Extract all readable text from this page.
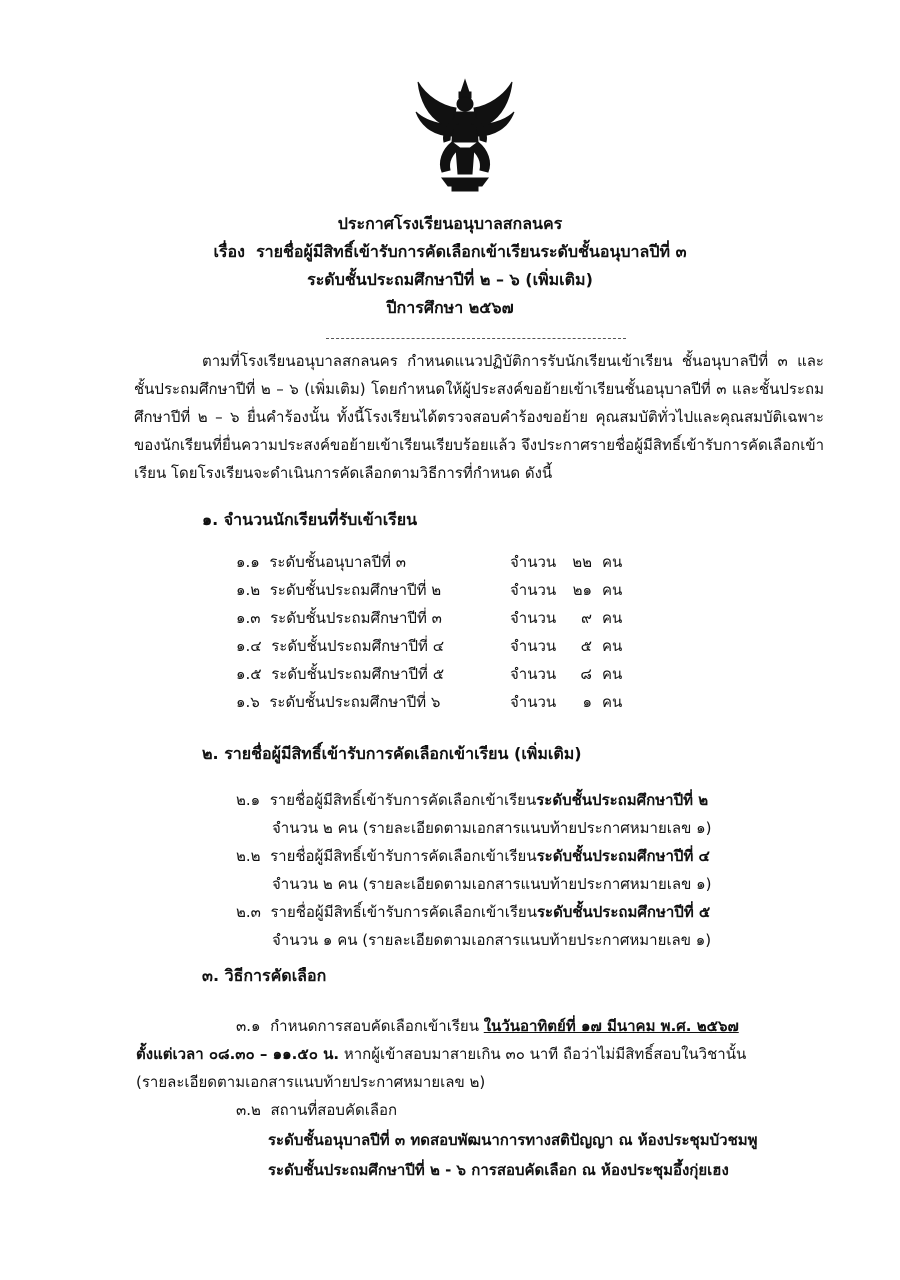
ประกาศโรงเรียนอนุบาลสกลนคร
เรื่อง รายชื่อผู้มีสิทธิ์เข้ารับการคัดเลือกเข้าเรียนระดับชั้นอนุบาลปีที่ ๓
ระดับชั้นประถมศึกษาปีที่ ๒ – ๖ (เพิ่มเติม)
ปีการศึกษา ๒๕๖๗
ตามที่โรงเรียนอนุบาลสกลนคร กำหนดแนวปฏิบัติการรับนักเรียนเข้าเรียน ชั้นอนุบาลปีที่ ๓ และชั้นประถมศึกษาปีที่ ๒ – ๖ (เพิ่มเติม) โดยกำหนดให้ผู้ประสงค์ขอย้ายเข้าเรียนชั้นอนุบาลปีที่ ๓ และชั้นประถมศึกษาปีที่ ๒ – ๖ ยื่นคำร้องนั้น ทั้งนี้โรงเรียนได้ตรวจสอบคำร้องขอย้าย คุณสมบัติทั่วไปและคุณสมบัติเฉพาะของนักเรียนที่ยื่นความประสงค์ขอย้ายเข้าเรียนเรียบร้อยแล้ว จึงประกาศรายชื่อผู้มีสิทธิ์เข้ารับการคัดเลือกเข้าเรียน โดยโรงเรียนจะดำเนินการคัดเลือกตามวิธีการที่กำหนด ดังนี้
๑. จำนวนนักเรียนที่รับเข้าเรียน
๑.๑ ระดับชั้นอนุบาลปีที่ ๓	จำนวน	๒๒ คน
๑.๒ ระดับชั้นประถมศึกษาปีที่ ๒	จำนวน	๒๑ คน
๑.๓ ระดับชั้นประถมศึกษาปีที่ ๓	จำนวน	๙ คน
๑.๔ ระดับชั้นประถมศึกษาปีที่ ๔	จำนวน	๕ คน
๑.๕ ระดับชั้นประถมศึกษาปีที่ ๕	จำนวน	๘ คน
๑.๖ ระดับชั้นประถมศึกษาปีที่ ๖	จำนวน	๑ คน
๒. รายชื่อผู้มีสิทธิ์เข้ารับการคัดเลือกเข้าเรียน (เพิ่มเติม)
๒.๑ รายชื่อผู้มีสิทธิ์เข้ารับการคัดเลือกเข้าเรียนระดับชั้นประถมศึกษาปีที่ ๒
จำนวน ๒ คน (รายละเอียดตามเอกสารแนบท้ายประกาศหมายเลข ๑)
๒.๒ รายชื่อผู้มีสิทธิ์เข้ารับการคัดเลือกเข้าเรียนระดับชั้นประถมศึกษาปีที่ ๔
จำนวน ๒ คน (รายละเอียดตามเอกสารแนบท้ายประกาศหมายเลข ๑)
๒.๓ รายชื่อผู้มีสิทธิ์เข้ารับการคัดเลือกเข้าเรียนระดับชั้นประถมศึกษาปีที่ ๕
จำนวน ๑ คน (รายละเอียดตามเอกสารแนบท้ายประกาศหมายเลข ๑)
๓. วิธีการคัดเลือก
๓.๑ กำหนดการสอบคัดเลือกเข้าเรียน ในวันอาทิตย์ที่ ๑๗ มีนาคม พ.ศ. ๒๕๖๗
ตั้งแต่เวลา ๐๘.๓๐ – ๑๑.๕๐ น. หากผู้เข้าสอบมาสายเกิน ๓๐ นาที ถือว่าไม่มีสิทธิ์สอบในวิชานั้น
(รายละเอียดตามเอกสารแนบท้ายประกาศหมายเลข ๒)
๓.๒ สถานที่สอบคัดเลือก
ระดับชั้นอนุบาลปีที่ ๓ ทดสอบพัฒนาการทางสติปัญญา ณ ห้องประชุมบัวชมพู
ระดับชั้นประถมศึกษาปีที่ ๒ - ๖ การสอบคัดเลือก ณ ห้องประชุมอึ้งกุ่ยเฮง
